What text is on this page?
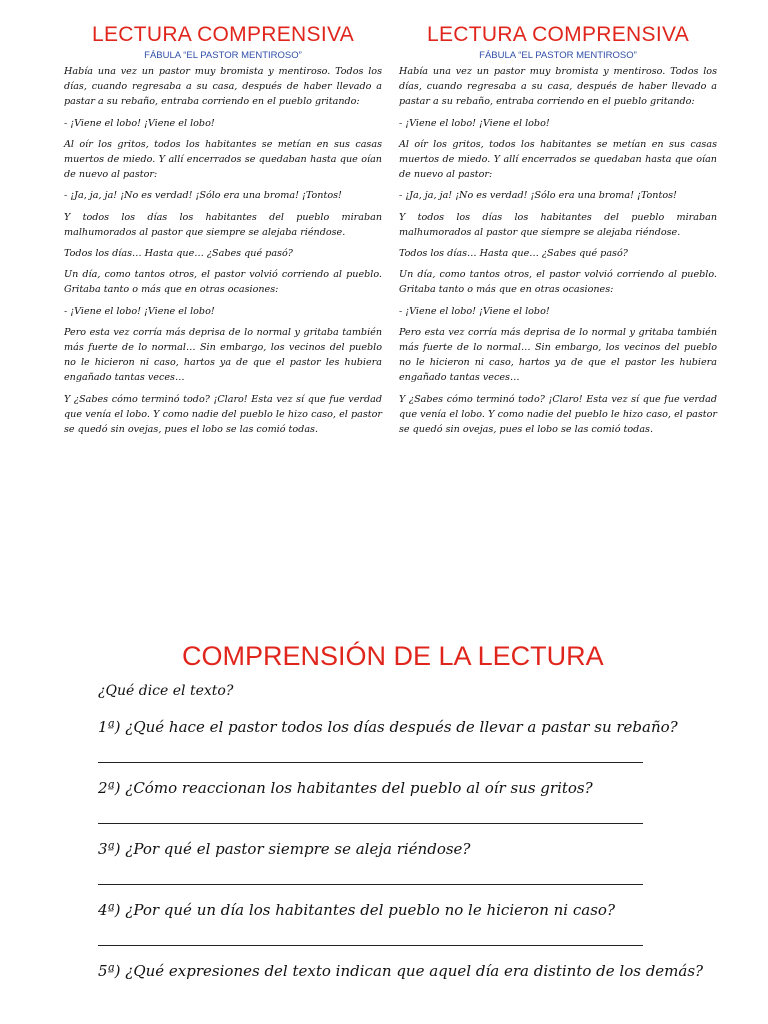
LECTURA COMPRENSIVA
FÁBULA “EL PASTOR MENTIROSO”

Había una vez un pastor muy bromista y mentiroso. Todos los días, cuando regresaba a su casa, después de haber llevado a pastar a su rebaño, entraba corriendo en el pueblo gritando:

- ¡Viene el lobo! ¡Viene el lobo!

Al oír los gritos, todos los habitantes se metían en sus casas muertos de miedo. Y allí encerrados se quedaban hasta que oían de nuevo al pastor:

- ¡Ja, ja, ja! ¡No es verdad! ¡Sólo era una broma! ¡Tontos!

Y todos los días los habitantes del pueblo miraban malhumorados al pastor que siempre se alejaba riéndose.

Todos los días… Hasta que… ¿Sabes qué pasó?

Un día, como tantos otros, el pastor volvió corriendo al pueblo. Gritaba tanto o más que en otras ocasiones:

- ¡Viene el lobo! ¡Viene el lobo!

Pero esta vez corría más deprisa de lo normal y gritaba también más fuerte de lo normal… Sin embargo, los vecinos del pueblo no le hicieron ni caso, hartos ya de que el pastor les hubiera engañado tantas veces…

Y ¿Sabes cómo terminó todo? ¡Claro! Esta vez sí que fue verdad que venía el lobo. Y como nadie del pueblo le hizo caso, el pastor se quedó sin ovejas, pues el lobo se las comió todas.

LECTURA COMPRENSIVA
FÁBULA “EL PASTOR MENTIROSO”

Había una vez un pastor muy bromista y mentiroso. Todos los días, cuando regresaba a su casa, después de haber llevado a pastar a su rebaño, entraba corriendo en el pueblo gritando:

- ¡Viene el lobo! ¡Viene el lobo!

Al oír los gritos, todos los habitantes se metían en sus casas muertos de miedo. Y allí encerrados se quedaban hasta que oían de nuevo al pastor:

- ¡Ja, ja, ja! ¡No es verdad! ¡Sólo era una broma! ¡Tontos!

Y todos los días los habitantes del pueblo miraban malhumorados al pastor que siempre se alejaba riéndose.

Todos los días… Hasta que… ¿Sabes qué pasó?

Un día, como tantos otros, el pastor volvió corriendo al pueblo. Gritaba tanto o más que en otras ocasiones:

- ¡Viene el lobo! ¡Viene el lobo!

Pero esta vez corría más deprisa de lo normal y gritaba también más fuerte de lo normal… Sin embargo, los vecinos del pueblo no le hicieron ni caso, hartos ya de que el pastor les hubiera engañado tantas veces…

Y ¿Sabes cómo terminó todo? ¡Claro! Esta vez sí que fue verdad que venía el lobo. Y como nadie del pueblo le hizo caso, el pastor se quedó sin ovejas, pues el lobo se las comió todas.

COMPRENSIÓN DE LA LECTURA
¿Qué dice el texto?
1ª) ¿Qué hace el pastor todos los días después de llevar a pastar su rebaño?
2ª) ¿Cómo reaccionan los habitantes del pueblo al oír sus gritos?
3ª) ¿Por qué el pastor siempre se aleja riéndose?
4ª) ¿Por qué un día los habitantes del pueblo no le hicieron ni caso?
5ª) ¿Qué expresiones del texto indican que aquel día era distinto de los demás?
